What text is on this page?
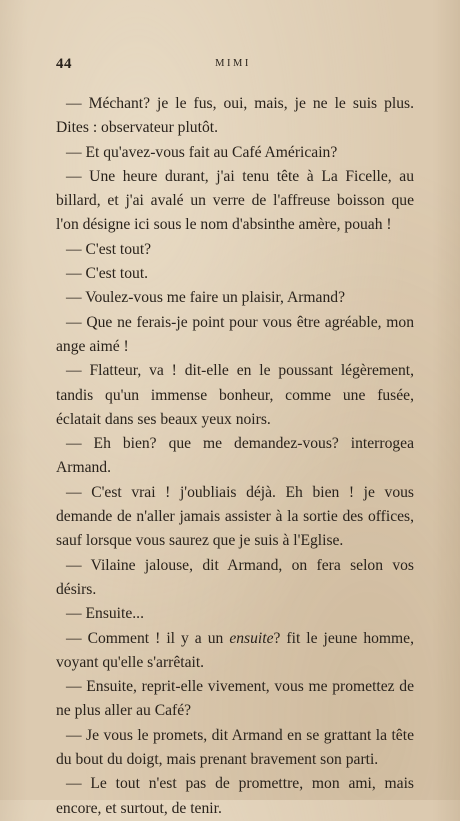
44	MIMI

— Méchant? je le fus, oui, mais, je ne le suis plus. Dites : observateur plutôt.

— Et qu'avez-vous fait au Café Américain?

— Une heure durant, j'ai tenu tête à La Ficelle, au billard, et j'ai avalé un verre de l'affreuse boisson que l'on désigne ici sous le nom d'absinthe amère, pouah !

— C'est tout?

— C'est tout.

— Voulez-vous me faire un plaisir, Armand?

— Que ne ferais-je point pour vous être agréable, mon ange aimé !

— Flatteur, va ! dit-elle en le poussant légèrement, tandis qu'un immense bonheur, comme une fusée, éclatait dans ses beaux yeux noirs.

— Eh bien? que me demandez-vous? interrogea Armand.

— C'est vrai ! j'oubliais déjà. Eh bien ! je vous demande de n'aller jamais assister à la sortie des offices, sauf lorsque vous saurez que je suis à l'Eglise.

— Vilaine jalouse, dit Armand, on fera selon vos désirs.

— Ensuite...

— Comment ! il y a un ensuite? fit le jeune homme, voyant qu'elle s'arrêtait.

— Ensuite, reprit-elle vivement, vous me promettez de ne plus aller au Café?

— Je vous le promets, dit Armand en se grattant la tête du bout du doigt, mais prenant bravement son parti.

— Le tout n'est pas de promettre, mon ami, mais encore, et surtout, de tenir.
